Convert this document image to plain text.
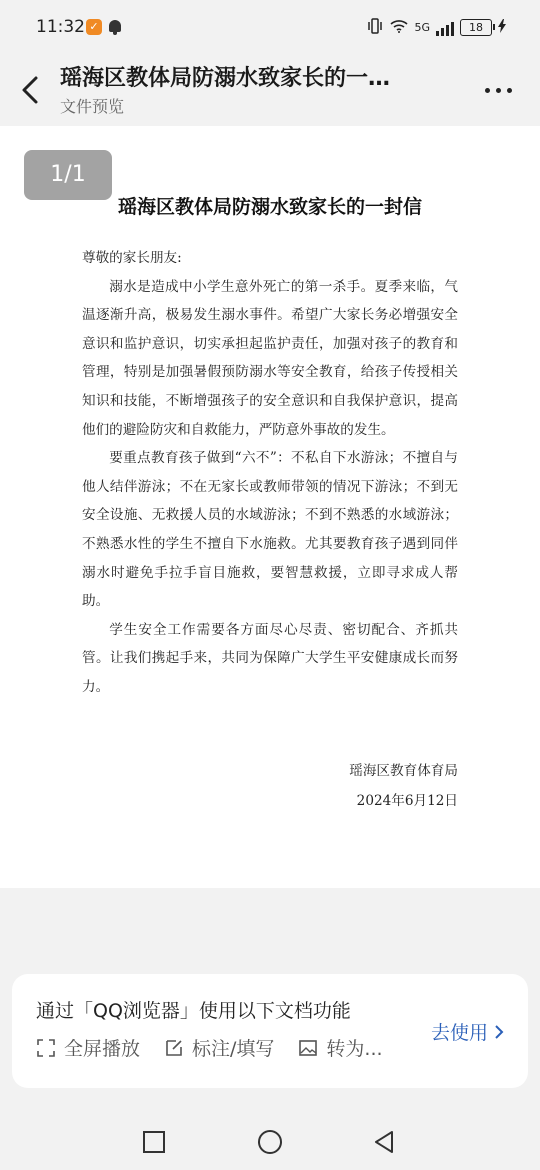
11:32 ✓	5G	18
瑶海区教体局防溺水致家长的一…
文件预览
1/1
瑶海区教体局防溺水致家长的一封信

尊敬的家长朋友:

溺水是造成中小学生意外死亡的第一杀手。夏季来临，气温逐渐升高，极易发生溺水事件。希望广大家长务必增强安全意识和监护意识，切实承担起监护责任，加强对孩子的教育和管理，特别是加强暑假预防溺水等安全教育，给孩子传授相关知识和技能，不断增强孩子的安全意识和自我保护意识，提高他们的避险防灾和自救能力，严防意外事故的发生。

要重点教育孩子做到“六不”：不私自下水游泳；不擅自与他人结伴游泳；不在无家长或教师带领的情况下游泳；不到无安全设施、无救援人员的水域游泳；不到不熟悉的水域游泳；不熟悉水性的学生不擅自下水施救。尤其要教育孩子遇到同伴溺水时避免手拉手盲目施救，要智慧救援，立即寻求成人帮助。

学生安全工作需要各方面尽心尽责、密切配合、齐抓共管。让我们携起手来，共同为保障广大学生平安健康成长而努力。

瑶海区教育体育局
2024年6月12日
通过「QQ浏览器」使用以下文档功能
全屏播放	标注/填写	转为...
去使用
